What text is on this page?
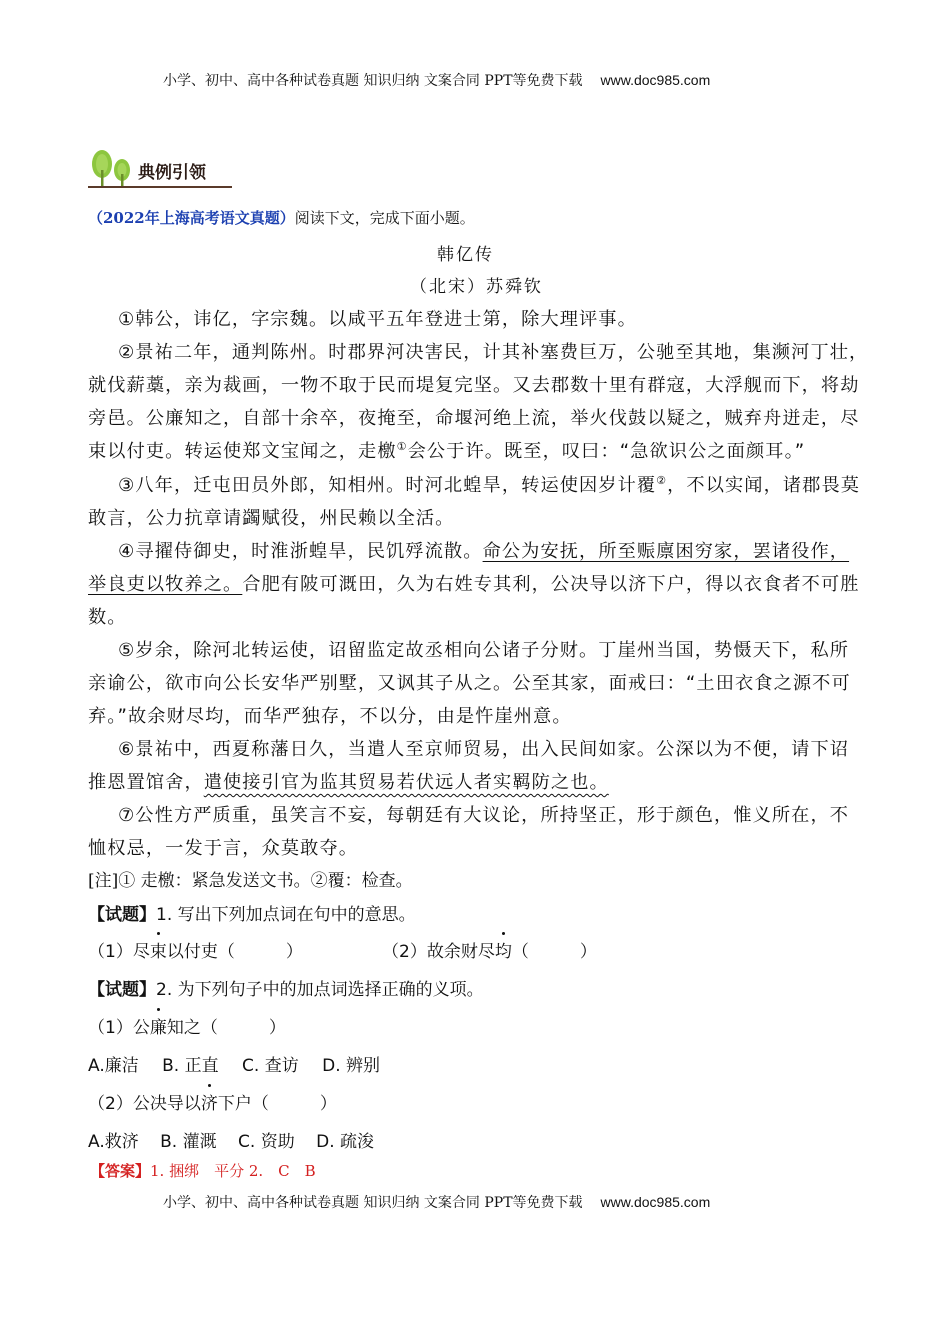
小学、初中、高中各种试卷真题 知识归纳 文案合同 PPT等免费下载 www.doc985.com
典例引领
（2022年上海高考语文真题）阅读下文，完成下面小题。
韩亿传
（北宋）苏舜钦
①韩公，讳亿，字宗魏。以咸平五年登进士第，除大理评事。
②景祐二年，通判陈州。时郡界河决害民，计其补塞费巨万，公驰至其地，集濒河丁壮，
就伐薪藁，亲为裁画，一物不取于民而堤复完坚。又去郡数十里有群寇，大浮舰而下，将劫
旁邑。公廉知之，自部十余卒，夜掩至，命堰河绝上流，举火伐鼓以疑之，贼弃舟迸走，尽
束以付吏。转运使郑文宝闻之，走檄①会公于许。既至，叹曰：“急欲识公之面颜耳。”
③八年，迁屯田员外郎，知相州。时河北蝗旱，转运使因岁计覆②，不以实闻，诸郡畏莫
敢言，公力抗章请蠲赋役，州民赖以全活。
④寻擢侍御史，时淮浙蝗旱，民饥殍流散。命公为安抚，所至赈廪困穷家，罢诸役作，
举良吏以牧养之。合肥有陂可溉田，久为右姓专其利，公决导以济下户，得以衣食者不可胜
数。
⑤岁余，除河北转运使，诏留监定故丞相向公诸子分财。丁崖州当国，势慑天下，私所
亲谕公，欲市向公长安华严别墅，又讽其子从之。公至其家，面戒曰：“土田衣食之源不可
弃。”故余财尽均，而华严独存，不以分，由是忤崖州意。
⑥景祐中，西夏称藩日久，当遣人至京师贸易，出入民间如家。公深以为不便，请下诏
推恩置馆舍，遣使接引官为监其贸易若伏远人者实羁防之也。
⑦公性方严质重，虽笑言不妄，每朝廷有大议论，所持坚正，形于颜色，惟义所在，不
恤权忌，一发于言，众莫敢夺。
[注]① 走檄：紧急发送文书。②覆：检查。
【试题】1. 写出下列加点词在句中的意思。
（1）尽束以付吏（　　　）	（2）故余财尽均（　　　）
【试题】2. 为下列句子中的加点词选择正确的义项。
（1）公廉知之（　　　）
A.廉洁 B. 正直 C. 查访 D. 辨别
（2）公决导以济下户（　　　）
A.救济 B. 灌溉 C. 资助 D. 疏浚
【答案】1. 捆绑　平分 2.　C　B
小学、初中、高中各种试卷真题 知识归纳 文案合同 PPT等免费下载 www.doc985.com
